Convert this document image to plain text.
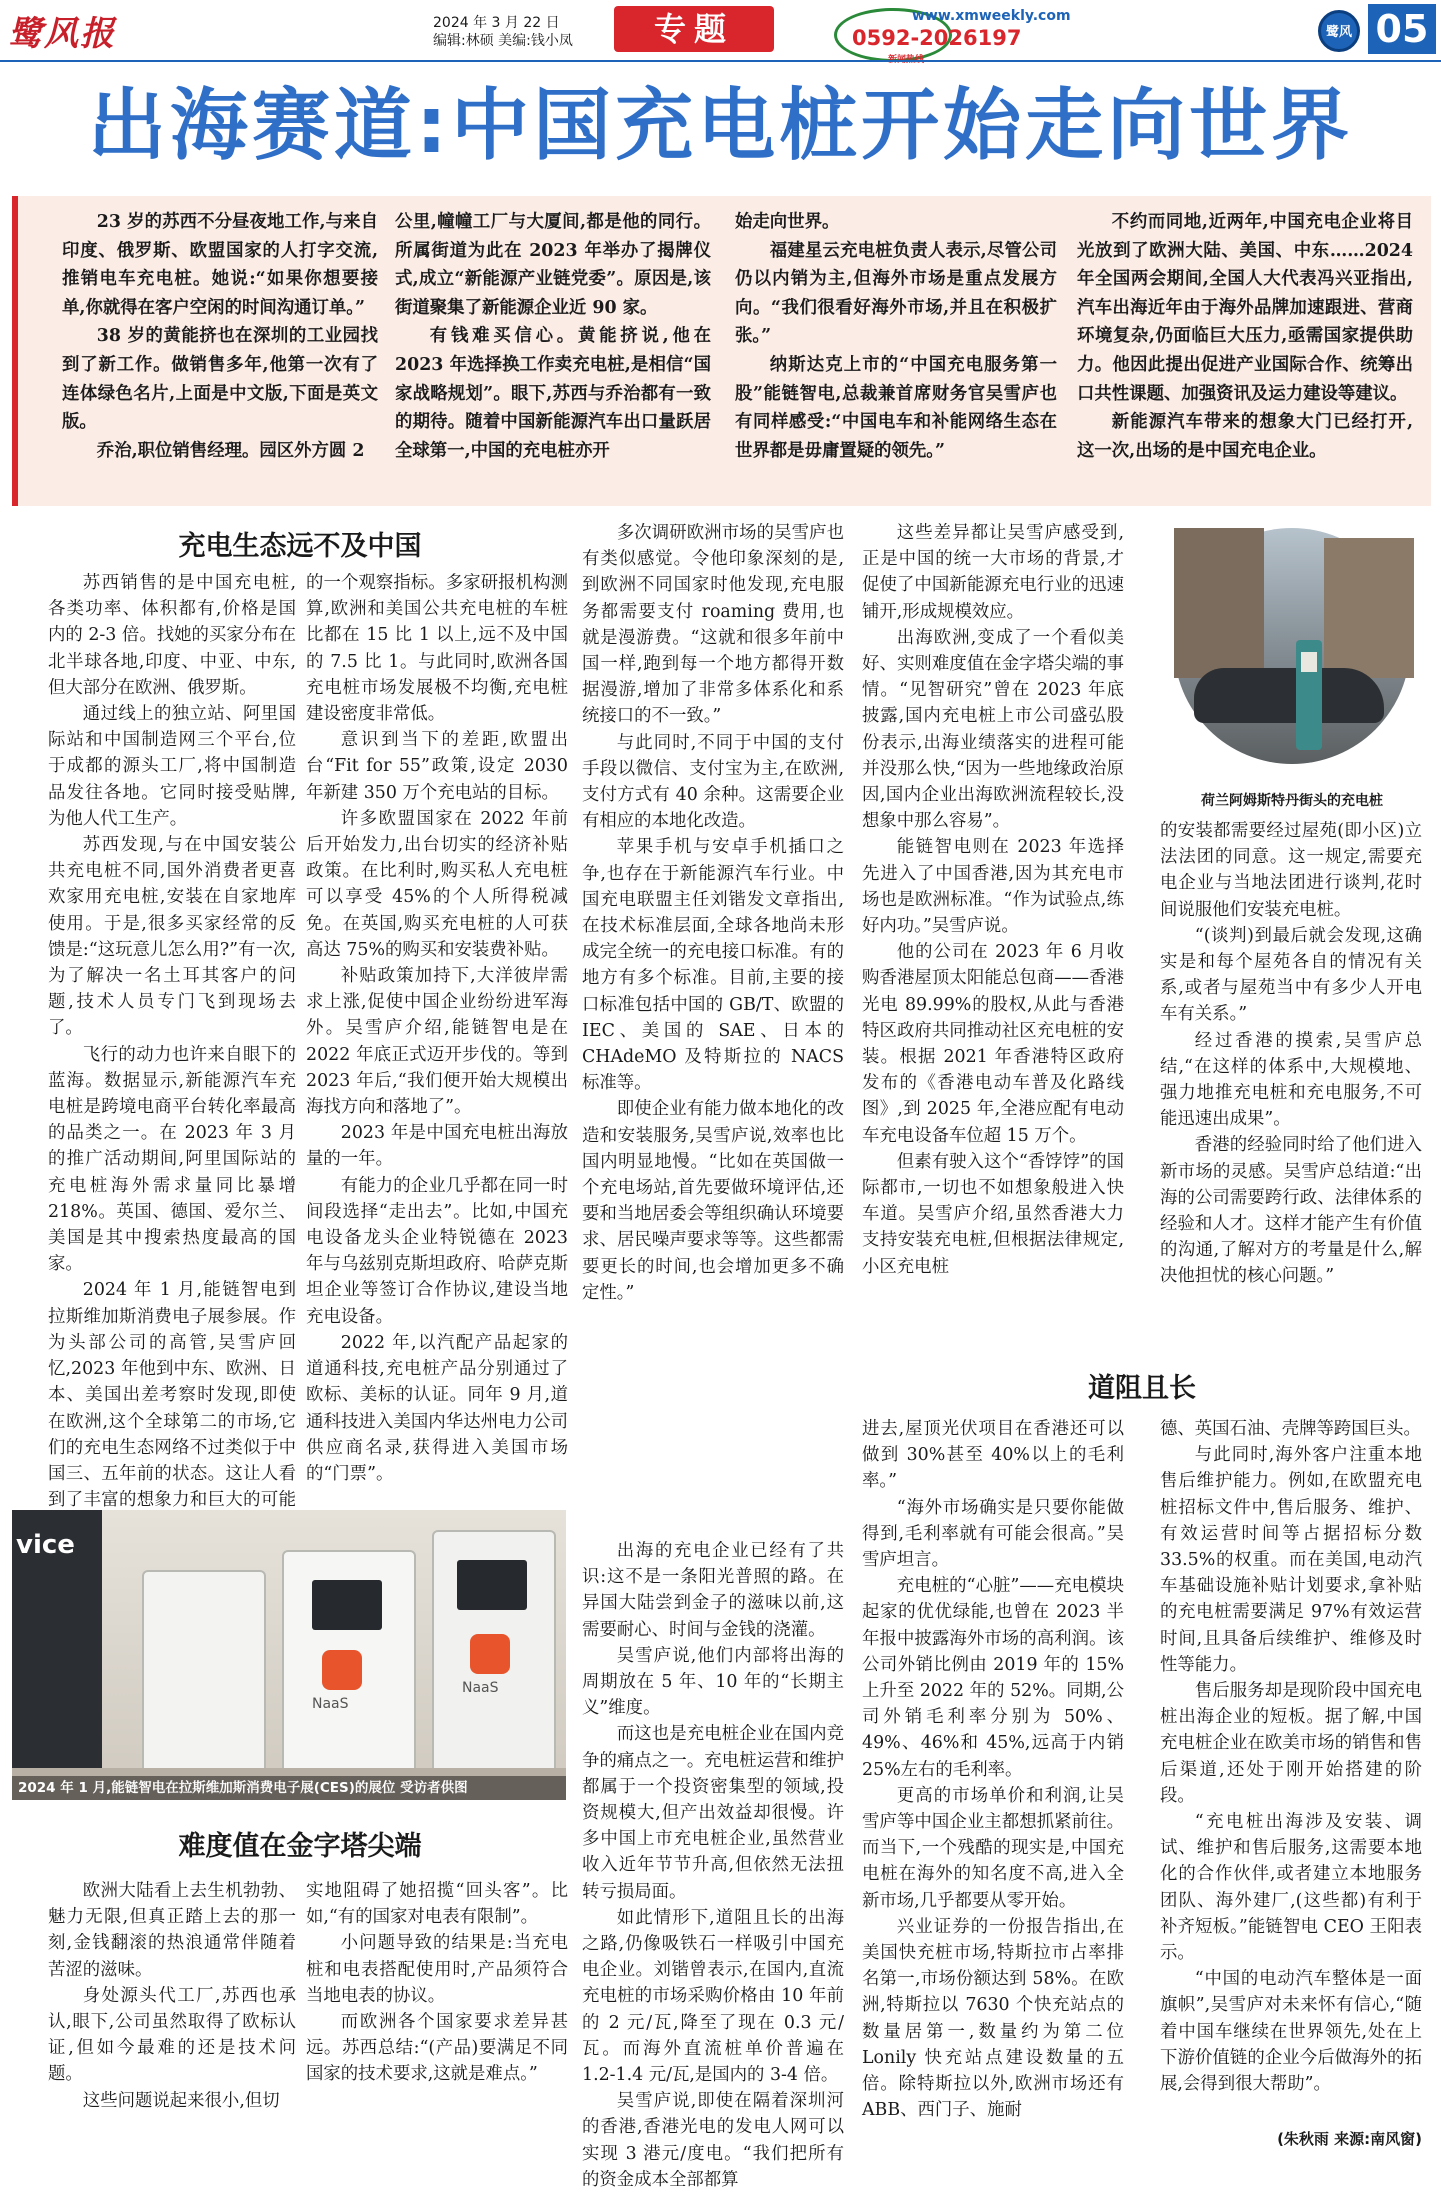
鹭风报	2024 年 3 月 22 日
编辑:林硕 美编:钱小凤	专题	www.xmweekly.com
0592-2026197	鹭风 05
出海赛道:中国充电桩开始走向世界

23 岁的苏西不分昼夜地工作,与来自印度、俄罗斯、欧盟国家的人打字交流,推销电车充电桩。她说:“如果你想要接单,你就得在客户空闲的时间沟通订单。”

38 岁的黄能挤也在深圳的工业园找到了新工作。做销售多年,他第一次有了连体绿色名片,上面是中文版,下面是英文版。

乔治,职位销售经理。园区外方圆 2

公里,幢幢工厂与大厦间,都是他的同行。所属街道为此在 2023 年举办了揭牌仪式,成立“新能源产业链党委”。原因是,该街道聚集了新能源企业近 90 家。

有钱难买信心。黄能挤说,他在 2023 年选择换工作卖充电桩,是相信“国家战略规划”。眼下,苏西与乔治都有一致的期待。随着中国新能源汽车出口量跃居全球第一,中国的充电桩亦开

始走向世界。

福建星云充电桩负责人表示,尽管公司仍以内销为主,但海外市场是重点发展方向。“我们很看好海外市场,并且在积极扩张。”

纳斯达克上市的“中国充电服务第一股”能链智电,总裁兼首席财务官吴雪庐也有同样感受:“中国电车和补能网络生态在世界都是毋庸置疑的领先。”

不约而同地,近两年,中国充电企业将目光放到了欧洲大陆、美国、中东……2024 年全国两会期间,全国人大代表冯兴亚指出,汽车出海近年由于海外品牌加速跟进、营商环境复杂,仍面临巨大压力,亟需国家提供助力。他因此提出促进产业国际合作、统筹出口共性课题、加强资讯及运力建设等建议。

新能源汽车带来的想象大门已经打开,这一次,出场的是中国充电企业。

充电生态远不及中国

苏西销售的是中国充电桩,各类功率、体积都有,价格是国内的 2-3 倍。找她的买家分布在北半球各地,印度、中亚、中东,但大部分在欧洲、俄罗斯。

通过线上的独立站、阿里国际站和中国制造网三个平台,位于成都的源头工厂,将中国制造品发往各地。它同时接受贴牌,为他人代工生产。

苏西发现,与在中国安装公共充电桩不同,国外消费者更喜欢家用充电桩,安装在自家地库使用。于是,很多买家经常的反馈是:“这玩意儿怎么用?”有一次,为了解决一名土耳其客户的问题,技术人员专门飞到现场去了。

飞行的动力也许来自眼下的蓝海。数据显示,新能源汽车充电桩是跨境电商平台转化率最高的品类之一。在 2023 年 3 月的推广活动期间,阿里国际站的充电桩海外需求量同比暴增 218%。英国、德国、爱尔兰、美国是其中搜索热度最高的国家。

2024 年 1 月,能链智电到拉斯维加斯消费电子展参展。作为头部公司的高管,吴雪庐回忆,2023 年他到中东、欧洲、日本、美国出差考察时发现,即使在欧洲,这个全球第二的市场,它们的充电生态网络不过类似于中国三、五年前的状态。这让人看到了丰富的想象力和巨大的可能

的一个观察指标。多家研报机构测算,欧洲和美国公共充电桩的车桩比都在 15 比 1 以上,远不及中国的 7.5 比 1。与此同时,欧洲各国充电桩市场发展极不均衡,充电桩建设密度非常低。

意识到当下的差距,欧盟出台“Fit for 55”政策,设定 2030 年新建 350 万个充电站的目标。

许多欧盟国家在 2022 年前后开始发力,出台切实的经济补贴政策。在比利时,购买私人充电桩可以享受 45%的个人所得税减免。在英国,购买充电桩的人可获高达 75%的购买和安装费补贴。

补贴政策加持下,大洋彼岸需求上涨,促使中国企业纷纷进军海外。吴雪庐介绍,能链智电是在 2022 年底正式迈开步伐的。等到 2023 年后,“我们便开始大规模出海找方向和落地了”。

2023 年是中国充电桩出海放量的一年。

有能力的企业几乎都在同一时间段选择“走出去”。比如,中国充电设备龙头企业特锐德在 2023 年与乌兹别克斯坦政府、哈萨克斯坦企业等签订合作协议,建设当地充电设备。

2022 年,以汽配产品起家的道通科技,充电桩产品分别通过了欧标、美标的认证。同年 9 月,道通科技进入美国内华达州电力公司供应商名录,获得进入美国市场的“门票”。

多次调研欧洲市场的吴雪庐也有类似感觉。令他印象深刻的是,到欧洲不同国家时他发现,充电服务都需要支付 roaming 费用,也就是漫游费。“这就和很多年前中国一样,跑到每一个地方都得开数据漫游,增加了非常多体系化和系统接口的不一致。”

与此同时,不同于中国的支付手段以微信、支付宝为主,在欧洲,支付方式有 40 余种。这需要企业有相应的本地化改造。

苹果手机与安卓手机插口之争,也存在于新能源汽车行业。中国充电联盟主任刘锴发文章指出,在技术标准层面,全球各地尚未形成完全统一的充电接口标准。有的地方有多个标准。目前,主要的接口标准包括中国的 GB/T、欧盟的 IEC、美国的 SAE、日本的 CHAdeMO 及特斯拉的 NACS 标准等。

即使企业有能力做本地化的改造和安装服务,吴雪庐说,效率也比国内明显地慢。“比如在英国做一个充电场站,首先要做环境评估,还要和当地居委会等组织确认环境要求、居民噪声要求等等。这些都需要更长的时间,也会增加更多不确定性。”

这些差异都让吴雪庐感受到,正是中国的统一大市场的背景,才促使了中国新能源充电行业的迅速铺开,形成规模效应。

出海欧洲,变成了一个看似美好、实则难度值在金字塔尖端的事情。“见智研究”曾在 2023 年底披露,国内充电桩上市公司盛弘股份表示,出海业绩落实的进程可能并没那么快,“因为一些地缘政治原因,国内企业出海欧洲流程较长,没想象中那么容易”。

能链智电则在 2023 年选择先进入了中国香港,因为其充电市场也是欧洲标准。“作为试验点,练好内功。”吴雪庐说。

他的公司在 2023 年 6 月收购香港屋顶太阳能总包商——香港光电 89.99%的股权,从此与香港特区政府共同推动社区充电桩的安装。根据 2021 年香港特区政府发布的《香港电动车普及化路线图》,到 2025 年,全港应配有电动车充电设备车位超 15 万个。

但素有驶入这个“香饽饽”的国际都市,一切也不如想象般进入快车道。吴雪庐介绍,虽然香港大力支持安装充电桩,但根据法律规定,小区充电桩

荷兰阿姆斯特丹街头的充电桩

的安装都需要经过屋苑(即小区)立法法团的同意。这一规定,需要充电企业与当地法团进行谈判,花时间说服他们安装充电桩。

“(谈判)到最后就会发现,这确实是和每个屋苑各自的情况有关系,或者与屋苑当中有多少人开电车有关系。”

经过香港的摸索,吴雪庐总结,“在这样的体系中,大规模地、强力地推充电桩和充电服务,不可能迅速出成果”。

香港的经验同时给了他们进入新市场的灵感。吴雪庐总结道:“出海的公司需要跨行政、法律体系的经验和人才。这样才能产生有价值的沟通,了解对方的考量是什么,解决他担忧的核心问题。”

道阻且长

出海的充电企业已经有了共识:这不是一条阳光普照的路。在异国大陆尝到金子的滋味以前,这需要耐心、时间与金钱的浇灌。

吴雪庐说,他们内部将出海的周期放在 5 年、10 年的“长期主义”维度。

而这也是充电桩企业在国内竞争的痛点之一。充电桩运营和维护都属于一个投资密集型的领域,投资规模大,但产出效益却很慢。许多中国上市充电桩企业,虽然营业收入近年节节升高,但依然无法扭转亏损局面。

如此情形下,道阻且长的出海之路,仍像吸铁石一样吸引中国充电企业。刘锴曾表示,在国内,直流充电桩的市场采购价格由 10 年前的 2 元/瓦,降至了现在 0.3 元/瓦。而海外直流桩单价普遍在 1.2-1.4 元/瓦,是国内的 3-4 倍。

吴雪庐说,即使在隔着深圳河的香港,香港光电的发电人网可以实现 3 港元/度电。“我们把所有的资金成本全部都算

进去,屋顶光伏项目在香港还可以做到 30%甚至 40%以上的毛利率。”

“海外市场确实是只要你能做得到,毛利率就有可能会很高。”吴雪庐坦言。

充电桩的“心脏”——充电模块起家的优优绿能,也曾在 2023 半年报中披露海外市场的高利润。该公司外销比例由 2019 年的 15%上升至 2022 年的 52%。同期,公司外销毛利率分别为 50%、49%、46%和 45%,远高于内销 25%左右的毛利率。

更高的市场单价和利润,让吴雪庐等中国企业主都想抓紧前往。而当下,一个残酷的现实是,中国充电桩在海外的知名度不高,进入全新市场,几乎都要从零开始。

兴业证券的一份报告指出,在美国快充桩市场,特斯拉市占率排名第一,市场份额达到 58%。在欧洲,特斯拉以 7630 个快充站点的数量居第一,数量约为第二位 Lonily 快充站点建设数量的五倍。除特斯拉以外,欧洲市场还有 ABB、西门子、施耐

德、英国石油、壳牌等跨国巨头。

与此同时,海外客户注重本地售后维护能力。例如,在欧盟充电桩招标文件中,售后服务、维护、有效运营时间等占据招标分数 33.5%的权重。而在美国,电动汽车基础设施补贴计划要求,拿补贴的充电桩需要满足 97%有效运营时间,且具备后续维护、维修及时性等能力。

售后服务却是现阶段中国充电桩出海企业的短板。据了解,中国充电桩企业在欧美市场的销售和售后渠道,还处于刚开始搭建的阶段。

“充电桩出海涉及安装、调试、维护和售后服务,这需要本地化的合作伙伴,或者建立本地服务团队、海外建厂,(这些都)有利于补齐短板。”能链智电 CEO 王阳表示。

“中国的电动汽车整体是一面旗帜”,吴雪庐对未来怀有信心,“随着中国车继续在世界领先,处在上下游价值链的企业今后做海外的拓展,会得到很大帮助”。

(朱秋雨 来源:南风窗)
vice
NaaS
NaaS
2024 年 1 月,能链智电在拉斯维加斯消费电子展(CES)的展位 受访者供图
难度值在金字塔尖端

欧洲大陆看上去生机勃勃、魅力无限,但真正踏上去的那一刻,金钱翻滚的热浪通常伴随着苦涩的滋味。

身处源头代工厂,苏西也承认,眼下,公司虽然取得了欧标认证,但如今最难的还是技术问题。

这些问题说起来很小,但切

实地阻碍了她招揽“回头客”。比如,“有的国家对电表有限制”。

小问题导致的结果是:当充电桩和电表搭配使用时,产品须符合当地电表的协议。

而欧洲各个国家要求差异甚远。苏西总结:“(产品)要满足不同国家的技术要求,这就是难点。”
